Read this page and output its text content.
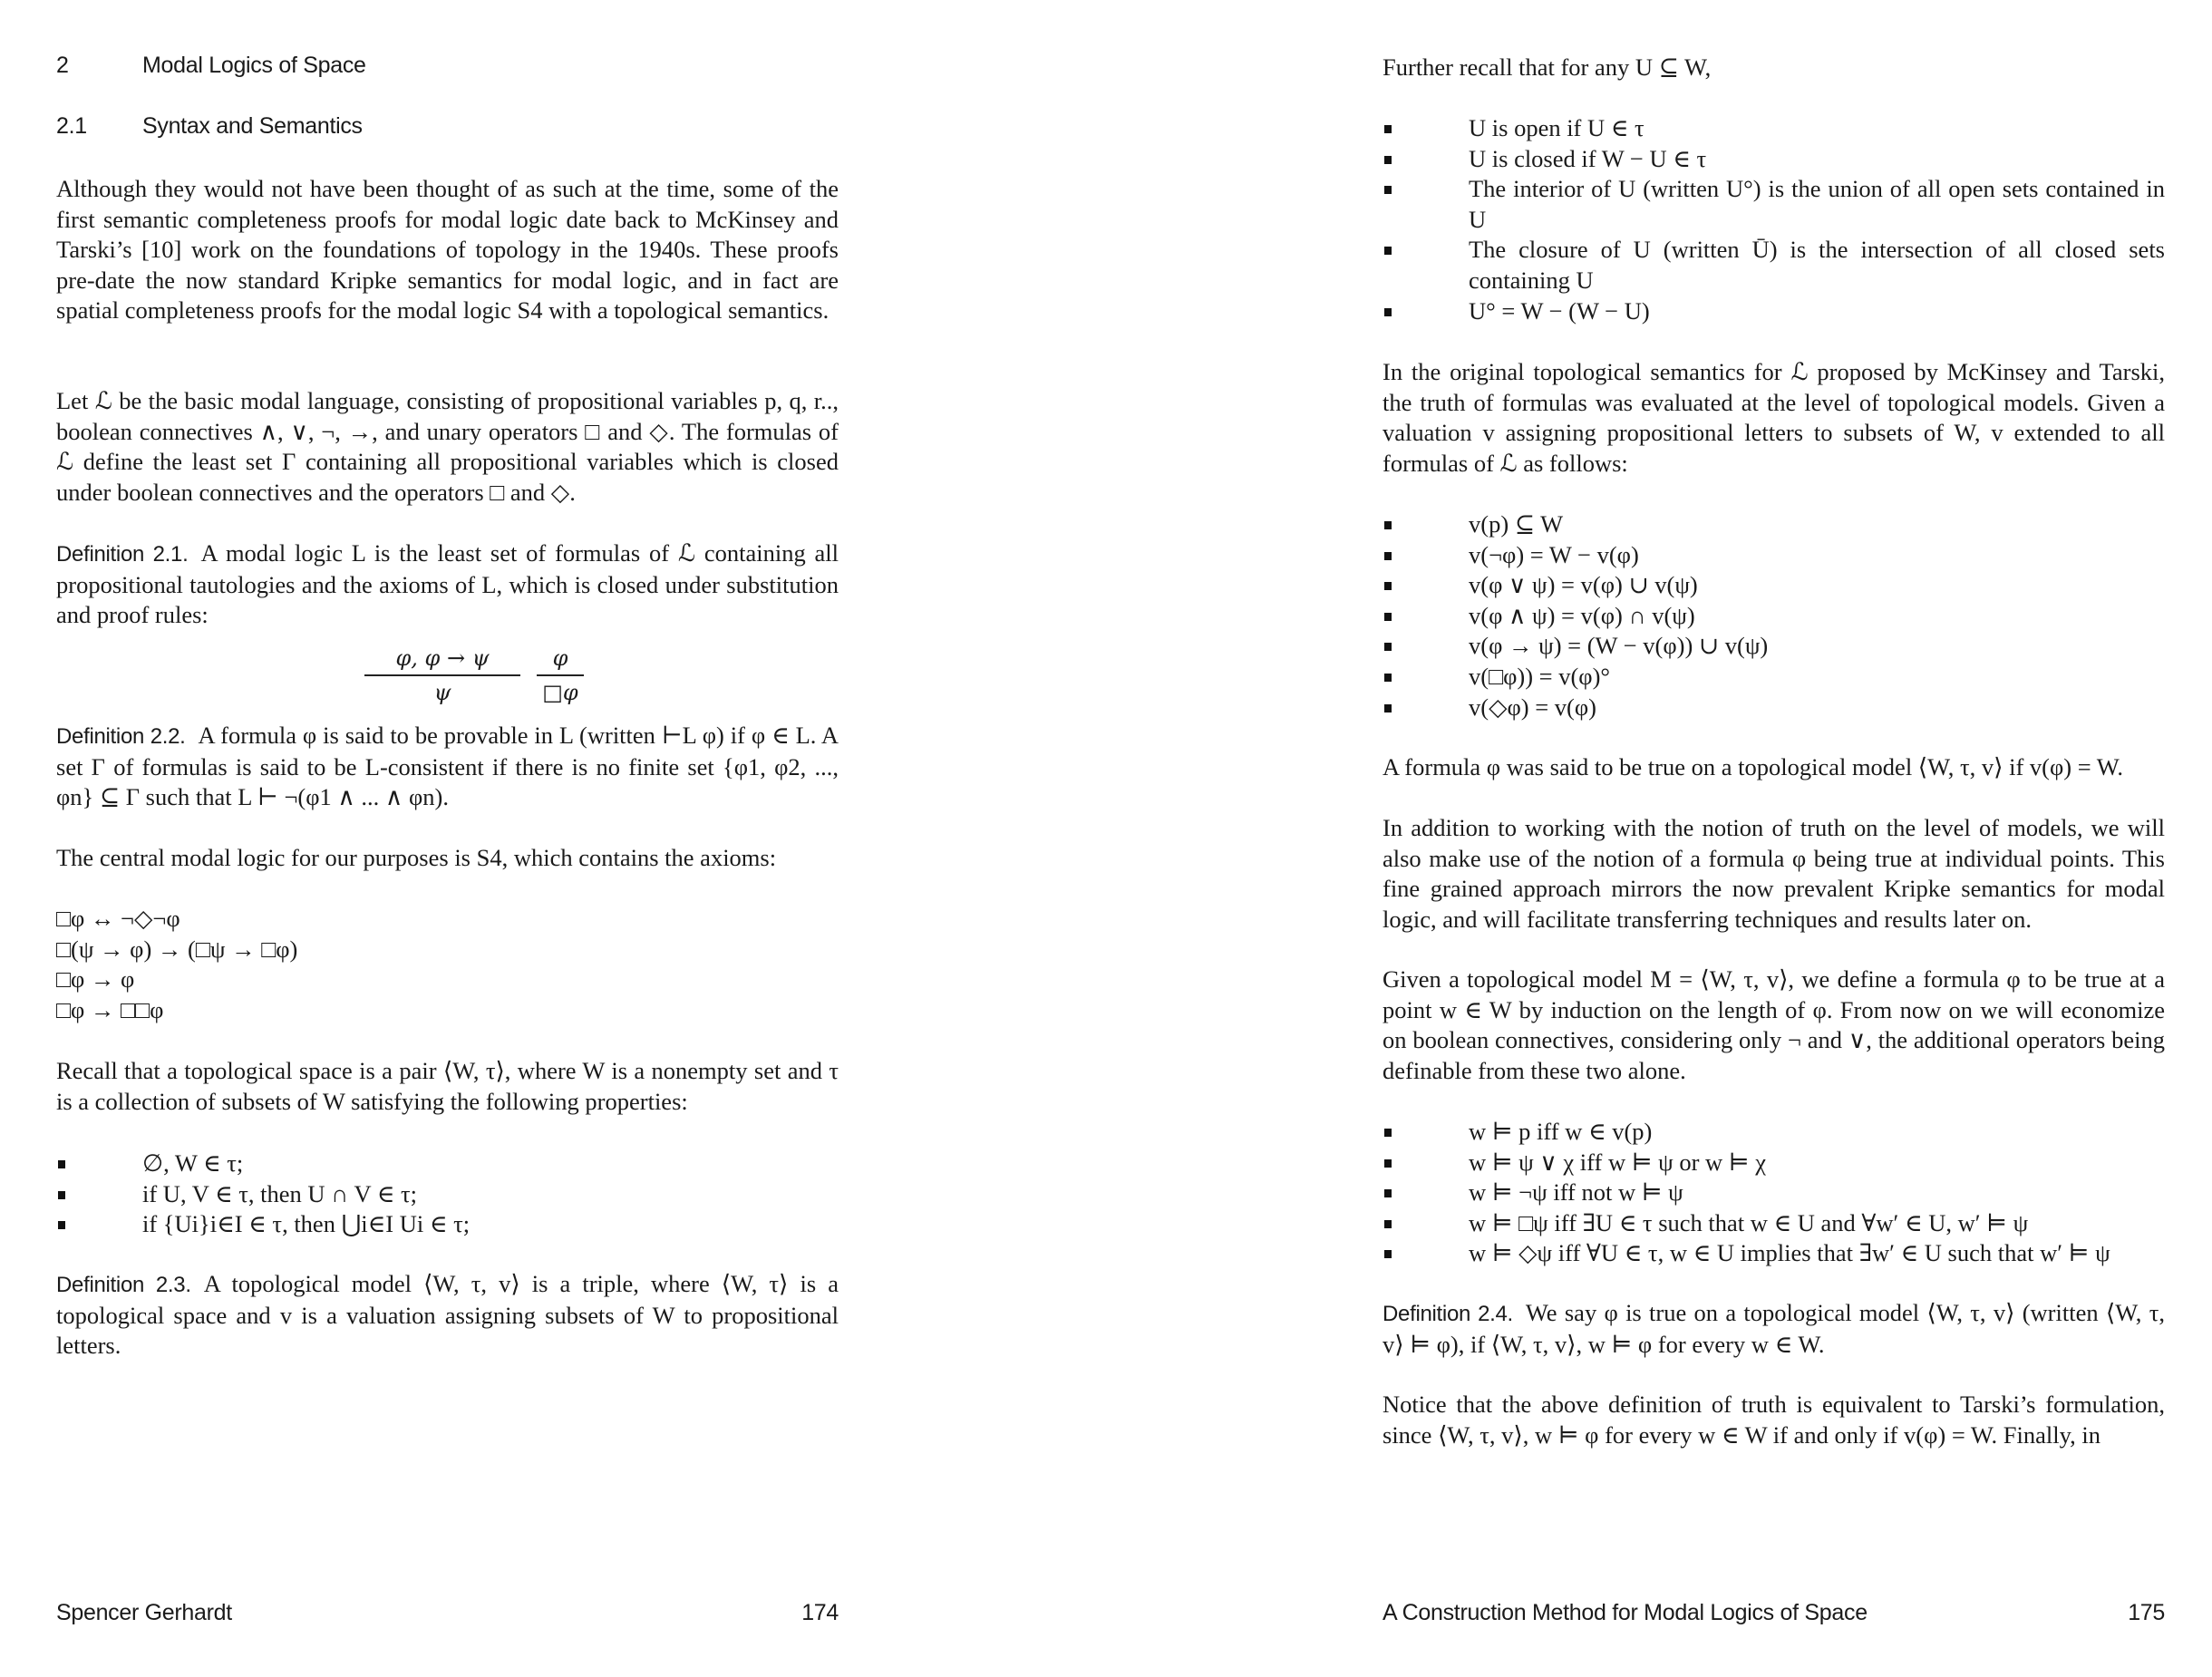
2	Modal Logics of Space
2.1 Syntax and Semantics

Although they would not have been thought of as such at the time, some of the first semantic completeness proofs for modal logic date back to McKinsey and Tarski’s [10] work on the foundations of topology in the 1940s. These proofs pre-date the now standard Kripke semantics for modal logic, and in fact are spatial completeness proofs for the modal logic S4 with a topological semantics.

Let ℒ be the basic modal language, consisting of propositional variables p, q, r.., boolean connectives ∧, ∨, ¬, →, and unary operators □ and ◇. The formulas of ℒ define the least set Γ containing all propositional variables which is closed under boolean connectives and the operators □ and ◇.

Definition 2.1. A modal logic L is the least set of formulas of ℒ containing all propositional tautologies and the axioms of L, which is closed under substitution and proof rules:

φ, φ → ψ
ψ
φ
□φ

Definition 2.2. A formula φ is said to be provable in L (written ⊢L φ) if φ ∈ L. A set Γ of formulas is said to be L-consistent if there is no finite set {φ1, φ2, ..., φn} ⊆ Γ such that L ⊢ ¬(φ1 ∧ ... ∧ φn).

The central modal logic for our purposes is S4, which contains the axioms:

□φ ↔ ¬◇¬φ
□(ψ → φ) → (□ψ → □φ)
□φ → φ
□φ → □□φ

Recall that a topological space is a pair ⟨W, τ⟩, where W is a nonempty set and τ is a collection of subsets of W satisfying the following properties:

∅, W ∈ τ;
if U, V ∈ τ, then U ∩ V ∈ τ;
if {Ui}i∈I ∈ τ, then ⋃i∈I Ui ∈ τ;

Definition 2.3. A topological model ⟨W, τ, v⟩ is a triple, where ⟨W, τ⟩ is a topological space and v is a valuation assigning subsets of W to propositional letters.

Spencer Gerhardt	174

Further recall that for any U ⊆ W,

U is open if U ∈ τ
U is closed if W − U ∈ τ
The interior of U (written U°) is the union of all open sets contained in U
The closure of U (written Ū) is the intersection of all closed sets containing U
U° = W − (W − U)

In the original topological semantics for ℒ proposed by McKinsey and Tarski, the truth of formulas was evaluated at the level of topological models. Given a valuation v assigning propositional letters to subsets of W, v extended to all formulas of ℒ as follows:

v(p) ⊆ W
v(¬φ) = W − v(φ)
v(φ ∨ ψ) = v(φ) ∪ v(ψ)
v(φ ∧ ψ) = v(φ) ∩ v(ψ)
v(φ → ψ) = (W − v(φ)) ∪ v(ψ)
v(□φ)) = v(φ)°
v(◇φ) = v(φ)

A formula φ was said to be true on a topological model ⟨W, τ, v⟩ if v(φ) = W.

In addition to working with the notion of truth on the level of models, we will also make use of the notion of a formula φ being true at individual points. This fine grained approach mirrors the now prevalent Kripke semantics for modal logic, and will facilitate transferring techniques and results later on.

Given a topological model M = ⟨W, τ, v⟩, we define a formula φ to be true at a point w ∈ W by induction on the length of φ. From now on we will economize on boolean connectives, considering only ¬ and ∨, the additional operators being definable from these two alone.

w ⊨ p iff w ∈ v(p)
w ⊨ ψ ∨ χ iff w ⊨ ψ or w ⊨ χ
w ⊨ ¬ψ iff not w ⊨ ψ
w ⊨ □ψ iff ∃U ∈ τ such that w ∈ U and ∀w′ ∈ U, w′ ⊨ ψ
w ⊨ ◇ψ iff ∀U ∈ τ, w ∈ U implies that ∃w′ ∈ U such that w′ ⊨ ψ

Definition 2.4. We say φ is true on a topological model ⟨W, τ, v⟩ (written ⟨W, τ, v⟩ ⊨ φ), if ⟨W, τ, v⟩, w ⊨ φ for every w ∈ W.

Notice that the above definition of truth is equivalent to Tarski’s formulation, since ⟨W, τ, v⟩, w ⊨ φ for every w ∈ W if and only if v(φ) = W. Finally, in

A Construction Method for Modal Logics of Space	175
